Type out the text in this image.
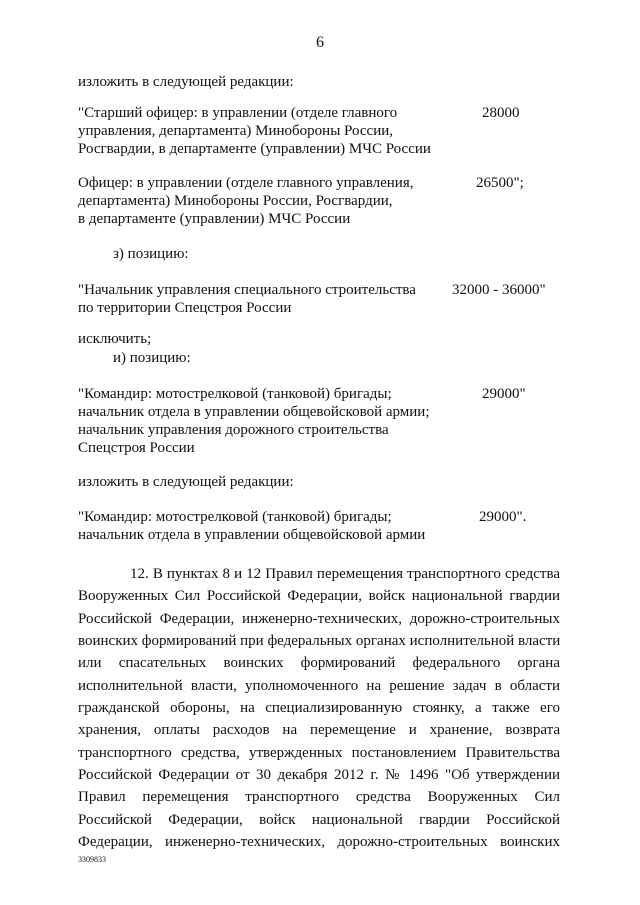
6
изложить в следующей редакции:
"Старший офицер: в управлении (отделе главного
управления, департамента) Минобороны России,
Росгвардии, в департаменте (управлении) МЧС России
28000
Офицер: в управлении (отделе главного управления,
департамента) Минобороны России, Росгвардии,
в департаменте (управлении) МЧС России
26500";
з) позицию:
"Начальник управления специального строительства
по территории Спецстроя России
32000 - 36000"
исключить;
и) позицию:
"Командир: мотострелковой (танковой) бригады;
начальник отдела в управлении общевойсковой армии;
начальник управления дорожного строительства
Спецстроя России
29000"
изложить в следующей редакции:
"Командир: мотострелковой (танковой) бригады;
начальник отдела в управлении общевойсковой армии
29000".
12. В пунктах 8 и 12 Правил перемещения транспортного средства
Вооруженных Сил Российской Федерации, войск национальной гвардии
Российской Федерации, инженерно-технических, дорожно-строительных
воинских формирований при федеральных органах исполнительной власти
или спасательных воинских формирований федерального органа
исполнительной власти, уполномоченного на решение задач в области
гражданской обороны, на специализированную стоянку, а также его
хранения, оплаты расходов на перемещение и хранение, возврата
транспортного средства, утвержденных постановлением Правительства
Российской Федерации от 30 декабря 2012 г. № 1496 "Об утверждении
Правил перемещения транспортного средства Вооруженных Сил
Российской Федерации, войск национальной гвардии Российской
Федерации, инженерно-технических, дорожно-строительных воинских
3309833
